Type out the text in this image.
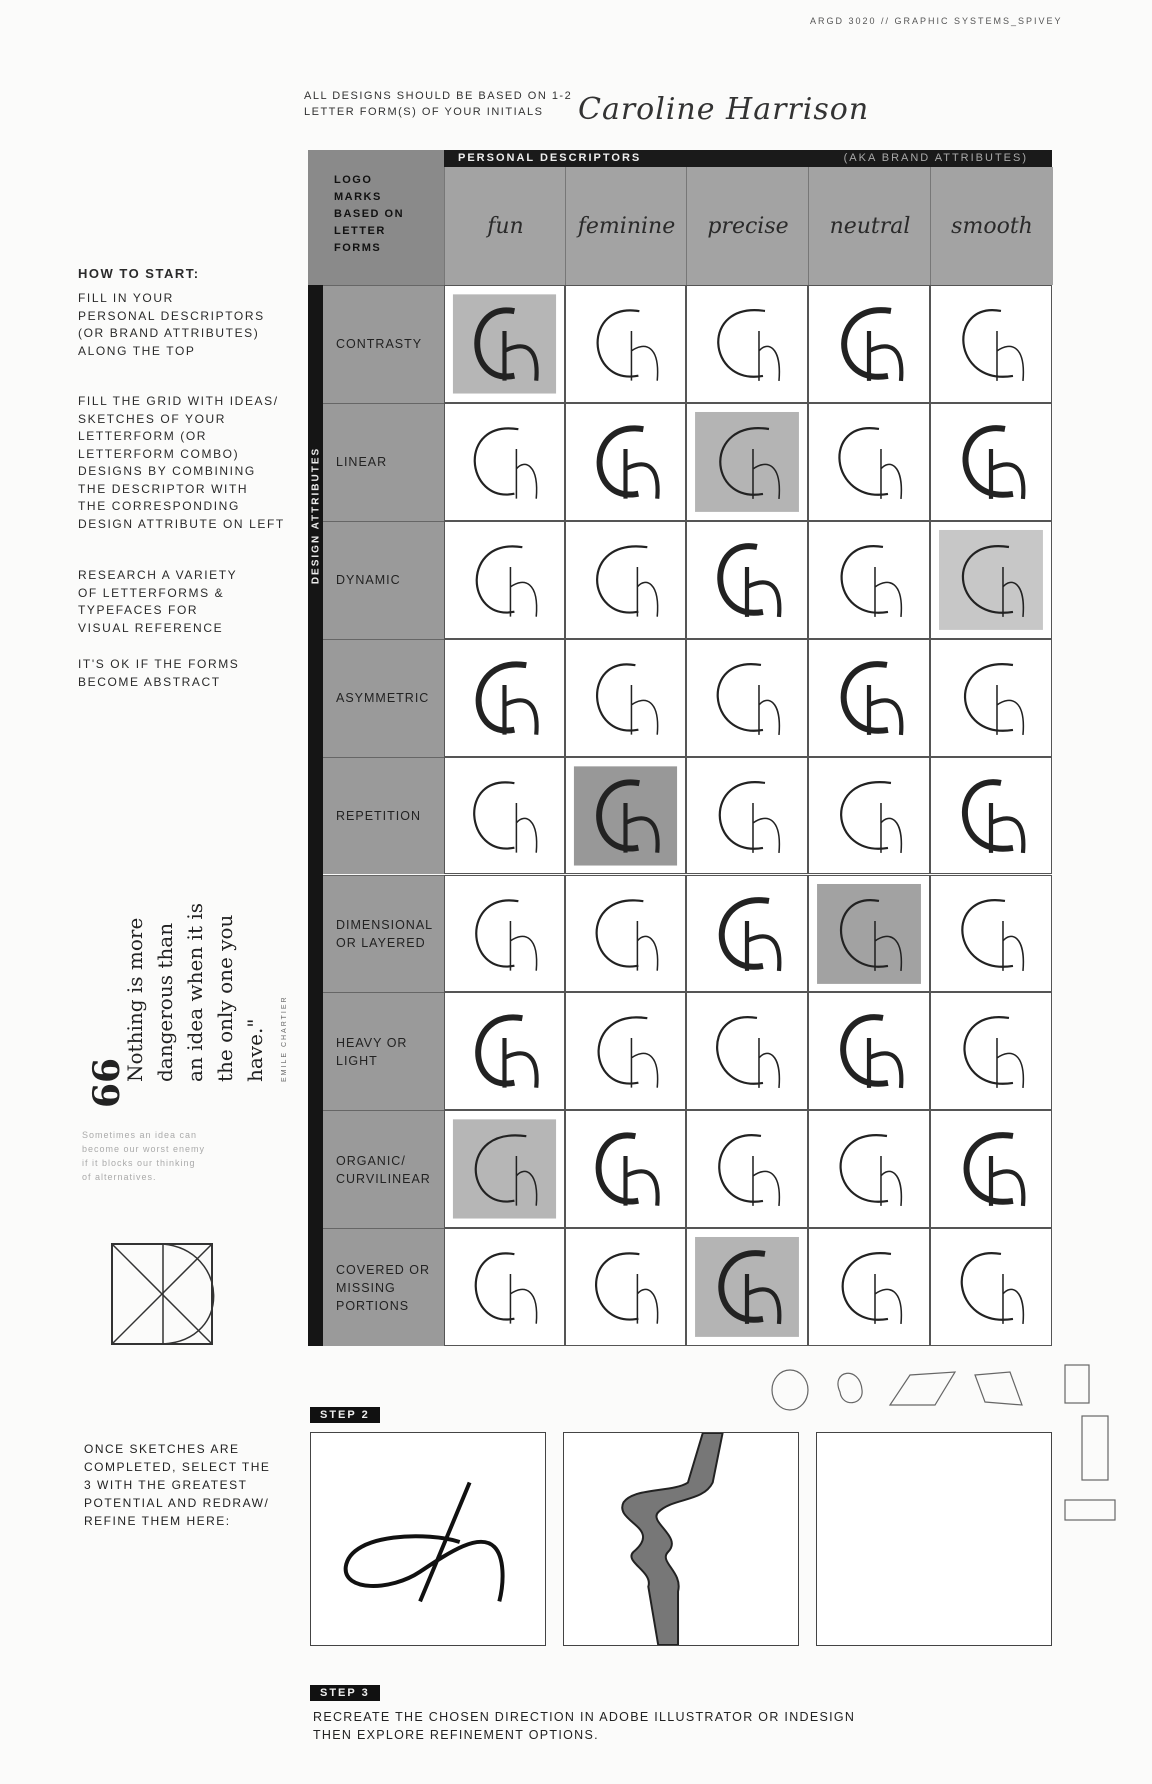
ARGD 3020 // GRAPHIC SYSTEMS_SPIVEY
ALL DESIGNS SHOULD BE BASED ON 1-2
LETTER FORM(S) OF YOUR INITIALS	Caroline Harrison
HOW TO START:

FILL IN YOUR

PERSONAL DESCRIPTORS

(OR BRAND ATTRIBUTES)

ALONG THE TOP

FILL THE GRID WITH IDEAS/

SKETCHES OF YOUR

LETTERFORM (OR

LETTERFORM COMBO)

DESIGNS BY COMBINING

THE DESCRIPTOR WITH

THE CORRESPONDING

DESIGN ATTRIBUTE ON LEFT

RESEARCH A VARIETY

OF LETTERFORMS &

TYPEFACES FOR

VISUAL REFERENCE

IT'S OK IF THE FORMS

BECOME ABSTRACT

66
Nothing is more dangerous than an idea when it is the only one you have."	EMILE CHARTIER
Sometimes an idea can
become our worst enemy
if it blocks our thinking
of alternatives.
PERSONAL DESCRIPTORS	(AKA BRAND ATTRIBUTES)
LOGO
MARKS
BASED ON
LETTER
FORMS
fun	feminine	precise	neutral	smooth
DESIGN ATTRIBUTES
CONTRASTY
LINEAR
DYNAMIC
ASYMMETRIC
REPETITION
DIMENSIONAL OR LAYERED
HEAVY OR LIGHT
ORGANIC/ CURVILINEAR
COVERED OR MISSING PORTIONS
STEP 2
ONCE SKETCHES ARE
COMPLETED, SELECT THE
3 WITH THE GREATEST
POTENTIAL AND REDRAW/
REFINE THEM HERE:
STEP 3
RECREATE THE CHOSEN DIRECTION IN ADOBE ILLUSTRATOR OR INDESIGN
THEN EXPLORE REFINEMENT OPTIONS.
